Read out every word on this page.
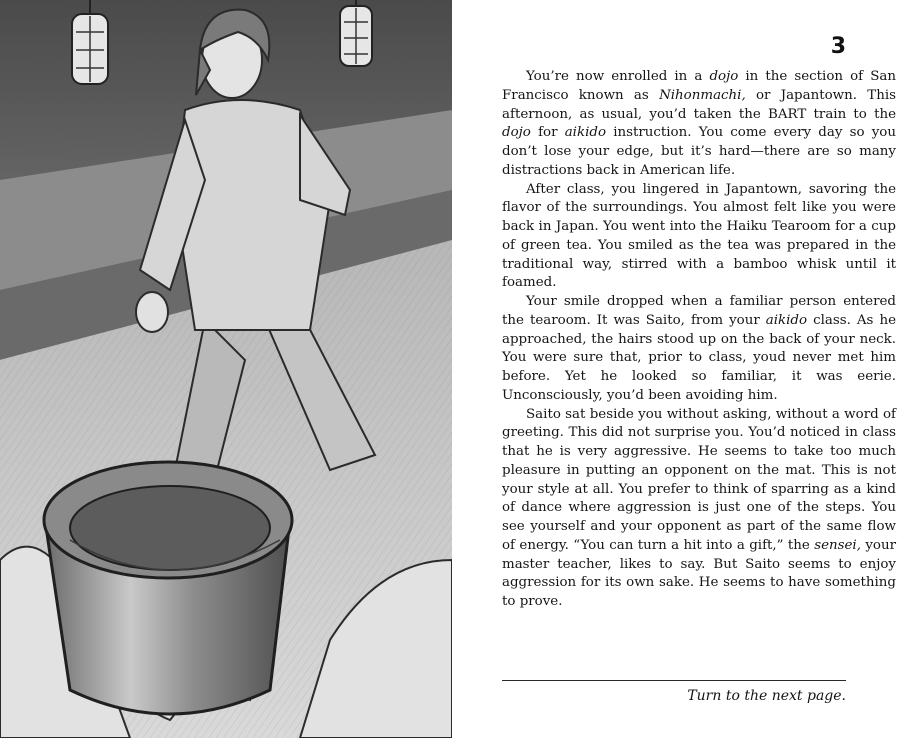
3

You’re now enrolled in a dojo in the section of San Francisco known as Nihonmachi, or Japantown. This afternoon, as usual, you’d taken the BART train to the dojo for aikido instruction. You come every day so you don’t lose your edge, but it’s hard—there are so many distractions back in American life.

After class, you lingered in Japantown, savoring the flavor of the surroundings. You almost felt like you were back in Japan. You went into the Haiku Tearoom for a cup of green tea. You smiled as the tea was prepared in the traditional way, stirred with a bamboo whisk until it foamed.

Your smile dropped when a familiar person entered the tearoom. It was Saito, from your aikido class. As he approached, the hairs stood up on the back of your neck. You were sure that, prior to class, youd never met him before. Yet he looked so familiar, it was eerie. Unconsciously, you’d been avoiding him.

Saito sat beside you without asking, without a word of greeting. This did not surprise you. You’d noticed in class that he is very aggressive. He seems to take too much pleasure in putting an opponent on the mat. This is not your style at all. You prefer to think of sparring as a kind of dance where aggression is just one of the steps. You see yourself and your opponent as part of the same flow of energy. “You can turn a hit into a gift,” the sensei, your master teacher, likes to say. But Saito seems to enjoy aggression for its own sake. He seems to have something to prove.

Turn to the next page.
